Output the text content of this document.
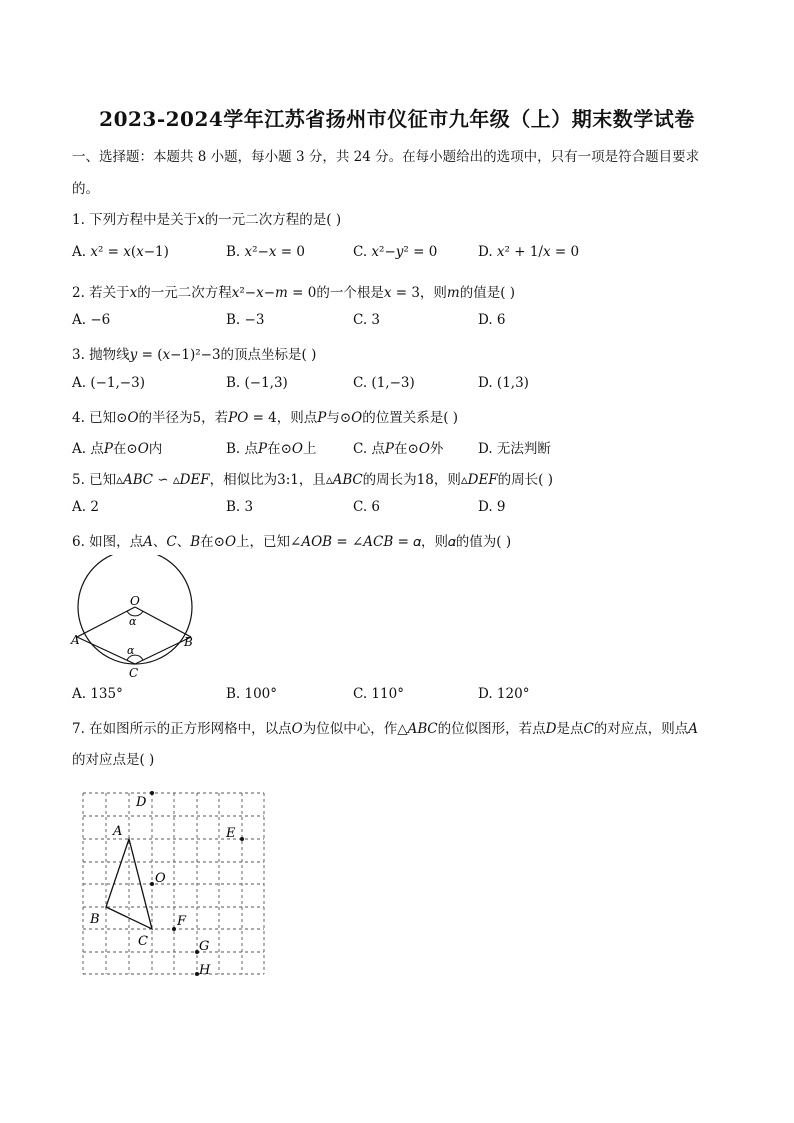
2023-2024学年江苏省扬州市仪征市九年级（上）期末数学试卷
一、选择题：本题共 8 小题，每小题 3 分，共 24 分。在每小题给出的选项中，只有一项是符合题目要求
的。
1. 下列方程中是关于𝑥的一元二次方程的是( )
A. 𝑥² = 𝑥(𝑥−1)	B. 𝑥²−𝑥 = 0	C. 𝑥²−𝑦² = 0	D. 𝑥² + 1/𝑥 = 0
2. 若关于𝑥的一元二次方程𝑥²−𝑥−𝑚 = 0的一个根是𝑥 = 3，则𝑚的值是( )
A. −6	B. −3	C. 3	D. 6
3. 抛物线𝑦 = (𝑥−1)²−3的顶点坐标是( )
A. (−1,−3)	B. (−1,3)	C. (1,−3)	D. (1,3)
4. 已知⊙𝑂的半径为5，若𝑃𝑂 = 4，则点𝑃与⊙𝑂的位置关系是( )
A. 点𝑃在⊙𝑂内	B. 点𝑃在⊙𝑂上	C. 点𝑃在⊙𝑂外	D. 无法判断
5. 已知▵𝐴𝐵𝐶 ∽ ▵𝐷𝐸𝐹，相似比为3:1，且▵𝐴𝐵𝐶的周长为18，则▵𝐷𝐸𝐹的周长( )
A. 2	B. 3	C. 6	D. 9
6. 如图，点𝐴、𝐶、𝐵在⊙𝑂上，已知∠𝐴𝑂𝐵 = ∠𝐴𝐶𝐵 = 𝛼，则𝛼的值为( )
O
α
α
A	B
C
A. 135°	B. 100°	C. 110°	D. 120°
7. 在如图所示的正方形网格中，以点𝑂为位似中心，作△𝐴𝐵𝐶的位似图形，若点𝐷是点𝐶的对应点，则点𝐴
的对应点是( )
D
A	E
O
B
C
F
G
H
